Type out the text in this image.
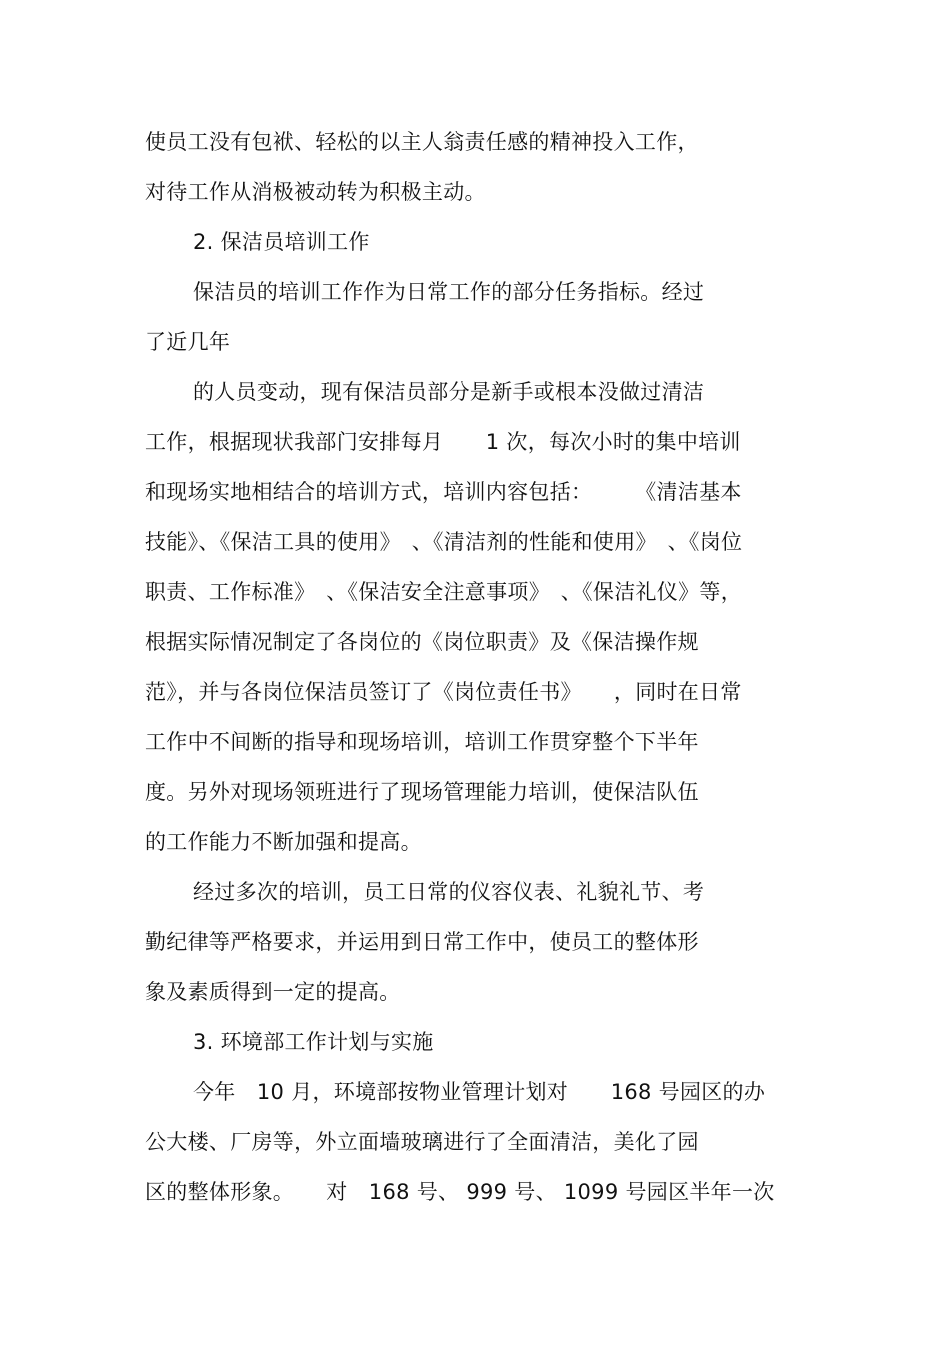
使员工没有包袱、轻松的以主人翁责任感的精神投入工作，
对待工作从消极被动转为积极主动。
2. 保洁员培训工作
保洁员的培训工作作为日常工作的部分任务指标。经过
了近几年
的人员变动，现有保洁员部分是新手或根本没做过清洁
工作，根据现状我部门安排每月　　1 次，每次小时的集中培训
和现场实地相结合的培训方式，培训内容包括：　　　《清洁基本
技能》、《保洁工具的使用》　、《清洁剂的性能和使用》　、《岗位
职责、工作标准》　、《保洁安全注意事项》　、《保洁礼仪》等，
根据实际情况制定了各岗位的《岗位职责》及《保洁操作规
范》，并与各岗位保洁员签订了《岗位责任书》　　，同时在日常
工作中不间断的指导和现场培训，培训工作贯穿整个下半年
度。另外对现场领班进行了现场管理能力培训，使保洁队伍
的工作能力不断加强和提高。
经过多次的培训，员工日常的仪容仪表、礼貌礼节、考
勤纪律等严格要求，并运用到日常工作中，使员工的整体形
象及素质得到一定的提高。
3. 环境部工作计划与实施
今年　10 月，环境部按物业管理计划对　　168 号园区的办
公大楼、厂房等，外立面墙玻璃进行了全面清洁，美化了园
区的整体形象。　　对　168 号、 999 号、 1099 号园区半年一次
